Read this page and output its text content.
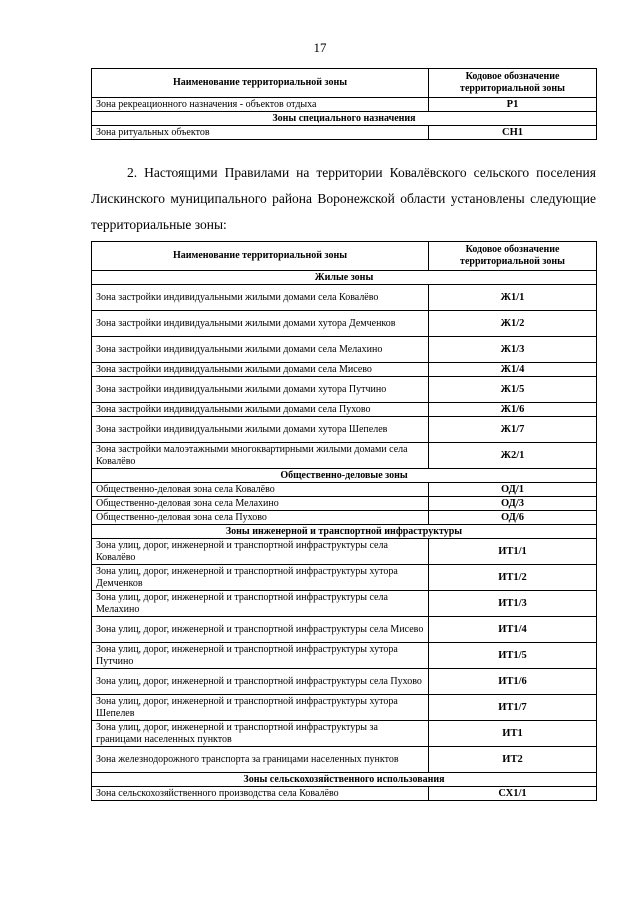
17
Наименование территориальной зоны	Кодовое обозначение территориальной зоны
Зона рекреационного назначения - объектов отдыха	Р1
Зоны специального назначения	
Зона ритуальных объектов	СН1
2. Настоящими Правилами на территории Ковалёвского сельского поселения Лискинского муниципального района Воронежской области установлены следующие территориальные зоны:
Наименование территориальной зоны	Кодовое обозначение территориальной зоны
Жилые зоны	
Зона застройки индивидуальными жилыми домами села Ковалёво	Ж1/1
Зона застройки индивидуальными жилыми домами хутора Демченков	Ж1/2
Зона застройки индивидуальными жилыми домами села Мелахино	Ж1/3
Зона застройки индивидуальными жилыми домами села Мисево	Ж1/4
Зона застройки индивидуальными жилыми домами хутора Путчино	Ж1/5
Зона застройки индивидуальными жилыми домами села Пухово	Ж1/6
Зона застройки индивидуальными жилыми домами хутора Шепелев	Ж1/7
Зона застройки малоэтажными многоквартирными жилыми домами села Ковалёво	Ж2/1
Общественно-деловые зоны	
Общественно-деловая зона села Ковалёво	ОД/1
Общественно-деловая зона села Мелахино	ОД/3
Общественно-деловая зона села Пухово	ОД/6
Зоны инженерной и транспортной инфраструктуры	
Зона улиц, дорог, инженерной и транспортной инфраструктуры села Ковалёво	ИТ1/1
Зона улиц, дорог, инженерной и транспортной инфраструктуры хутора Демченков	ИТ1/2
Зона улиц, дорог, инженерной и транспортной инфраструктуры села Мелахино	ИТ1/3
Зона улиц, дорог, инженерной и транспортной инфраструктуры села Мисево	ИТ1/4
Зона улиц, дорог, инженерной и транспортной инфраструктуры хутора Путчино	ИТ1/5
Зона улиц, дорог, инженерной и транспортной инфраструктуры села Пухово	ИТ1/6
Зона улиц, дорог, инженерной и транспортной инфраструктуры хутора Шепелев	ИТ1/7
Зона улиц, дорог, инженерной и транспортной инфраструктуры за границами населенных пунктов	ИТ1
Зона железнодорожного транспорта за границами населенных пунктов	ИТ2
Зоны сельскохозяйственного использования	
Зона сельскохозяйственного производства села Ковалёво	СХ1/1
